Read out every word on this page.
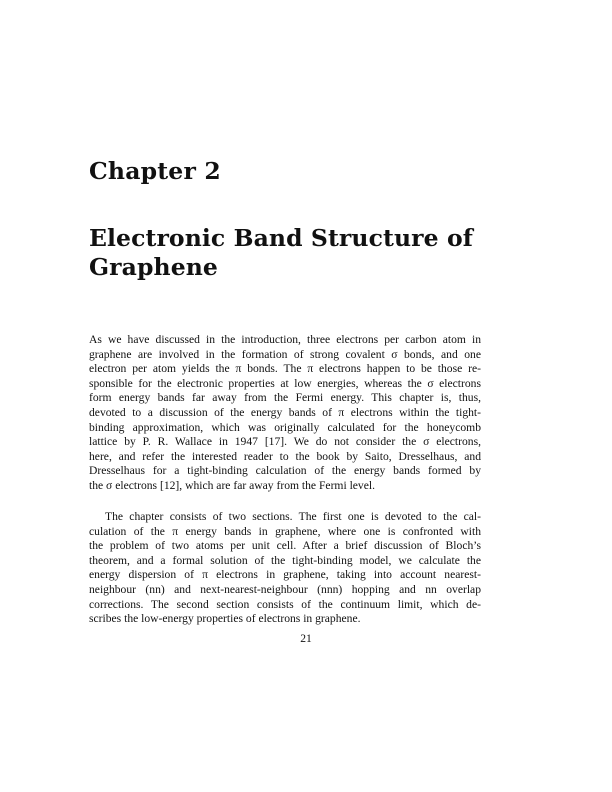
Chapter 2
Electronic Band Structure of
Graphene
As we have discussed in the introduction, three electrons per carbon atom in
graphene are involved in the formation of strong covalent σ bonds, and one
electron per atom yields the π bonds. The π electrons happen to be those re-
sponsible for the electronic properties at low energies, whereas the σ electrons
form energy bands far away from the Fermi energy. This chapter is, thus,
devoted to a discussion of the energy bands of π electrons within the tight-
binding approximation, which was originally calculated for the honeycomb
lattice by P. R. Wallace in 1947 [17]. We do not consider the σ electrons,
here, and refer the interested reader to the book by Saito, Dresselhaus, and
Dresselhaus for a tight-binding calculation of the energy bands formed by
the σ electrons [12], which are far away from the Fermi level.
The chapter consists of two sections. The first one is devoted to the cal-
culation of the π energy bands in graphene, where one is confronted with
the problem of two atoms per unit cell. After a brief discussion of Bloch’s
theorem, and a formal solution of the tight-binding model, we calculate the
energy dispersion of π electrons in graphene, taking into account nearest-
neighbour (nn) and next-nearest-neighbour (nnn) hopping and nn overlap
corrections. The second section consists of the continuum limit, which de-
scribes the low-energy properties of electrons in graphene.
21
